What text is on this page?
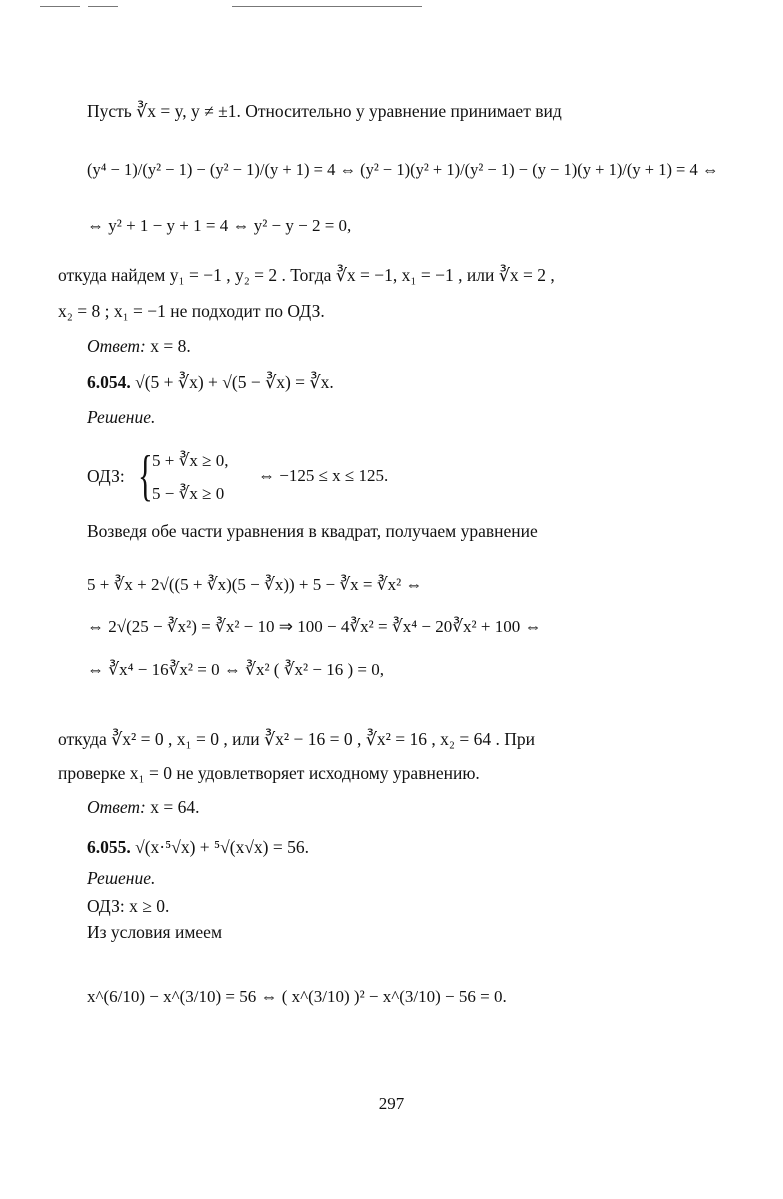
Пусть ∛x = y, y ≠ ±1. Относительно y уравнение принимает вид
(y⁴ − 1)/(y² − 1) − (y² − 1)/(y + 1) = 4 ⇔ (y² − 1)(y² + 1)/(y² − 1) − (y − 1)(y + 1)/(y + 1) = 4 ⇔
⇔ y² + 1 − y + 1 = 4 ⇔ y² − y − 2 = 0,
откуда найдем y₁ = −1 , y₂ = 2 . Тогда ∛x = −1, x₁ = −1 , или ∛x = 2 ,
x₂ = 8 ; x₁ = −1 не подходит по ОДЗ.
Ответ: x = 8.
6.054. √(5 + ∛x) + √(5 − ∛x) = ∛x.
Решение.
ОДЗ: { 5 + ∛x ≥ 0,
5 − ∛x ≥ 0
⇔ −125 ≤ x ≤ 125.
Возведя обе части уравнения в квадрат, получаем уравнение
5 + ∛x + 2√((5 + ∛x)(5 − ∛x)) + 5 − ∛x = ∛x² ⇔
⇔ 2√(25 − ∛x²) = ∛x² − 10 ⇒ 100 − 4∛x² = ∛x⁴ − 20∛x² + 100 ⇔
⇔ ∛x⁴ − 16∛x² = 0 ⇔ ∛x² ( ∛x² − 16 ) = 0,
откуда ∛x² = 0 , x₁ = 0 , или ∛x² − 16 = 0 , ∛x² = 16 , x₂ = 64 . При
проверке x₁ = 0 не удовлетворяет исходному уравнению.
Ответ: x = 64.
6.055. √(x·⁵√x) + ⁵√(x√x) = 56.
Решение.
ОДЗ: x ≥ 0.
Из условия имеем
x^(6/10) − x^(3/10) = 56 ⇔ ( x^(3/10) )² − x^(3/10) − 56 = 0.
297
